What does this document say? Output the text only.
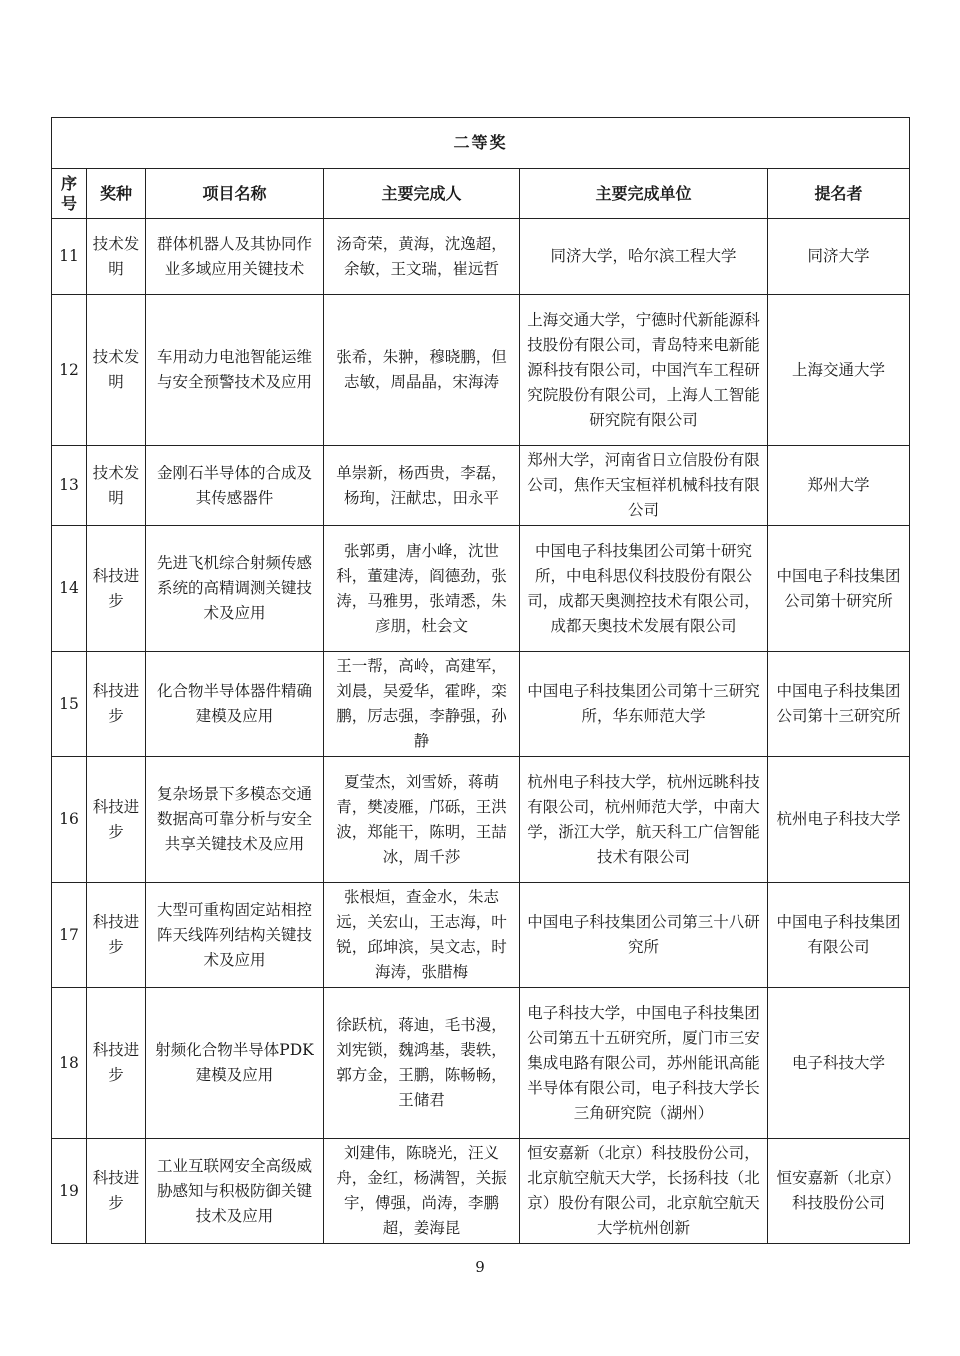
二等奖					
序号	奖种	项目名称	主要完成人	主要完成单位	提名者
11	技术发明	群体机器人及其协同作业多域应用关键技术	汤奇荣，黄海，沈逸超，余敏，王文瑞，崔远哲	同济大学，哈尔滨工程大学	同济大学
12	技术发明	车用动力电池智能运维与安全预警技术及应用	张希，朱翀，穆晓鹏，但志敏，周晶晶，宋海涛	上海交通大学，宁德时代新能源科技股份有限公司，青岛特来电新能源科技有限公司，中国汽车工程研究院股份有限公司，上海人工智能研究院有限公司	上海交通大学
13	技术发明	金刚石半导体的合成及其传感器件	单崇新，杨西贵，李磊，杨珣，汪献忠，田永平	郑州大学，河南省日立信股份有限公司，焦作天宝桓祥机械科技有限公司	郑州大学
14	科技进步	先进飞机综合射频传感系统的高精调测关键技术及应用	张郭勇，唐小峰，沈世科，董建涛，阎德劲，张涛，马雅男，张靖悉，朱彦朋，杜会文	中国电子科技集团公司第十研究所，中电科思仪科技股份有限公司，成都天奥测控技术有限公司，成都天奥技术发展有限公司	中国电子科技集团公司第十研究所
15	科技进步	化合物半导体器件精确建模及应用	王一帮，高岭，高建军，刘晨，吴爱华，霍晔，栾鹏，厉志强，李静强，孙静	中国电子科技集团公司第十三研究所，华东师范大学	中国电子科技集团公司第十三研究所
16	科技进步	复杂场景下多模态交通数据高可靠分析与安全共享关键技术及应用	夏莹杰，刘雪娇，蒋萌青，樊凌雁，邝砾，王洪波，郑能干，陈明，王喆冰，周千莎	杭州电子科技大学，杭州远眺科技有限公司，杭州师范大学，中南大学，浙江大学，航天科工广信智能技术有限公司	杭州电子科技大学
17	科技进步	大型可重构固定站相控阵天线阵列结构关键技术及应用	张根烜，查金水，朱志远，关宏山，王志海，叶锐，邱坤滨，吴文志，时海涛，张腊梅	中国电子科技集团公司第三十八研究所	中国电子科技集团有限公司
18	科技进步	射频化合物半导体PDK建模及应用	徐跃杭，蒋迪，毛书漫，刘宪锁，魏鸿基，裴轶，郭方金，王鹏，陈畅畅，王储君	电子科技大学，中国电子科技集团公司第五十五研究所，厦门市三安集成电路有限公司，苏州能讯高能半导体有限公司，电子科技大学长三角研究院（湖州）	电子科技大学
19	科技进步	工业互联网安全高级威胁感知与积极防御关键技术及应用	刘建伟，陈晓光，汪义舟，金红，杨满智，关振宇，傅强，尚涛，李鹏超，姜海昆	恒安嘉新（北京）科技股份公司，北京航空航天大学，长扬科技（北京）股份有限公司，北京航空航天大学杭州创新	恒安嘉新（北京）科技股份公司
9
